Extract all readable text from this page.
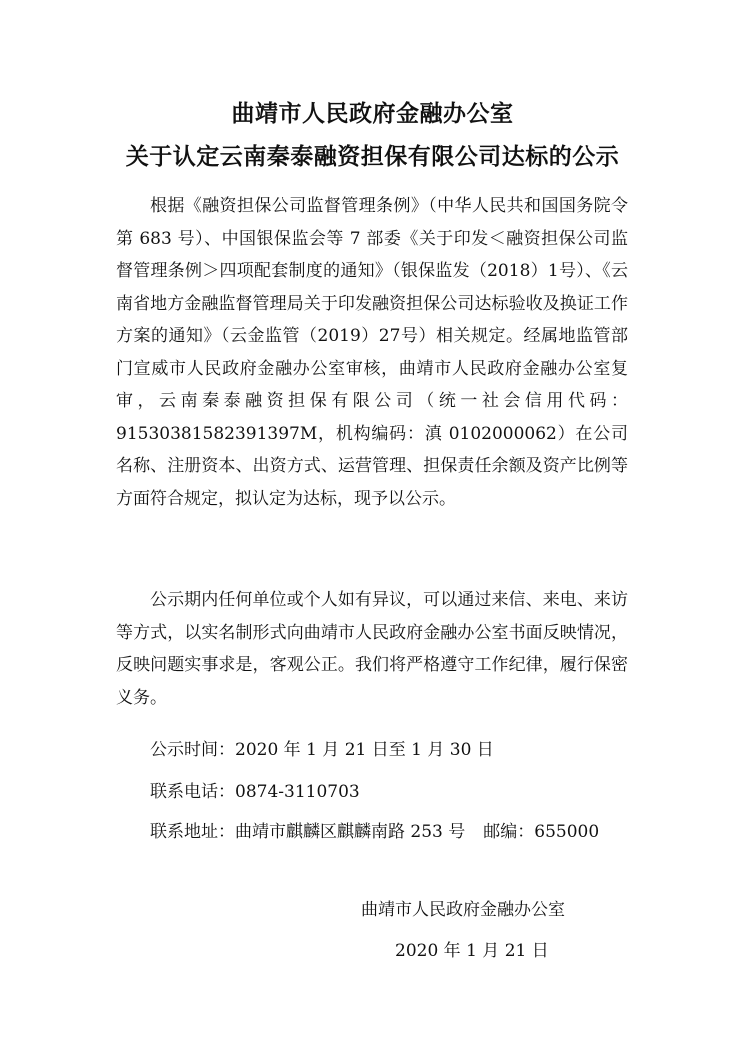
曲靖市人民政府金融办公室
关于认定云南秦泰融资担保有限公司达标的公示

根据《融资担保公司监督管理条例》（中华人民共和国国务院令第 683 号）、中国银保监会等 7 部委《关于印发＜融资担保公司监督管理条例＞四项配套制度的通知》（银保监发（2018）1号）、《云南省地方金融监督管理局关于印发融资担保公司达标验收及换证工作方案的通知》（云金监管（2019）27号）相关规定。经属地监管部门宣威市人民政府金融办公室审核，曲靖市人民政府金融办公室复审，云南秦泰融资担保有限公司（统一社会信用代码：91530381582391397M，机构编码：滇 0102000062）在公司名称、注册资本、出资方式、运营管理、担保责任余额及资产比例等方面符合规定，拟认定为达标，现予以公示。

公示期内任何单位或个人如有异议，可以通过来信、来电、来访等方式，以实名制形式向曲靖市人民政府金融办公室书面反映情况，反映问题实事求是，客观公正。我们将严格遵守工作纪律，履行保密义务。

公示时间：2020 年 1 月 21 日至 1 月 30 日

联系电话：0874-3110703

联系地址：曲靖市麒麟区麒麟南路 253 号 邮编：655000

曲靖市人民政府金融办公室

2020 年 1 月 21 日
